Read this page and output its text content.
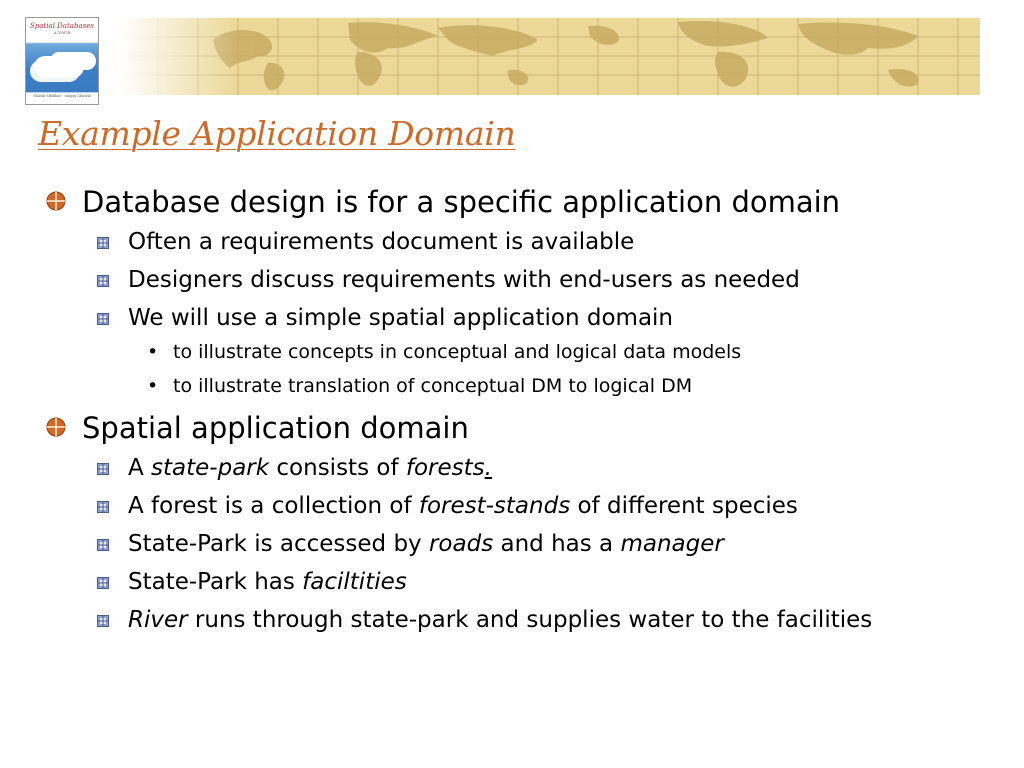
Spatial Databases
A TOUR
Shashi Shekhar · Sanjay Chawla
Example Application Domain
Database design is for a specific application domain
Often a requirements document is available
Designers discuss requirements with end-users as needed
We will use a simple spatial application domain
• to illustrate concepts in conceptual and logical data models
• to illustrate translation of conceptual DM to logical DM
Spatial application domain
A state-park consists of forests.
A forest is a collection of forest-stands of different species
State-Park is accessed by roads and has a manager
State-Park has faciltities
River runs through state-park and supplies water to the facilities
